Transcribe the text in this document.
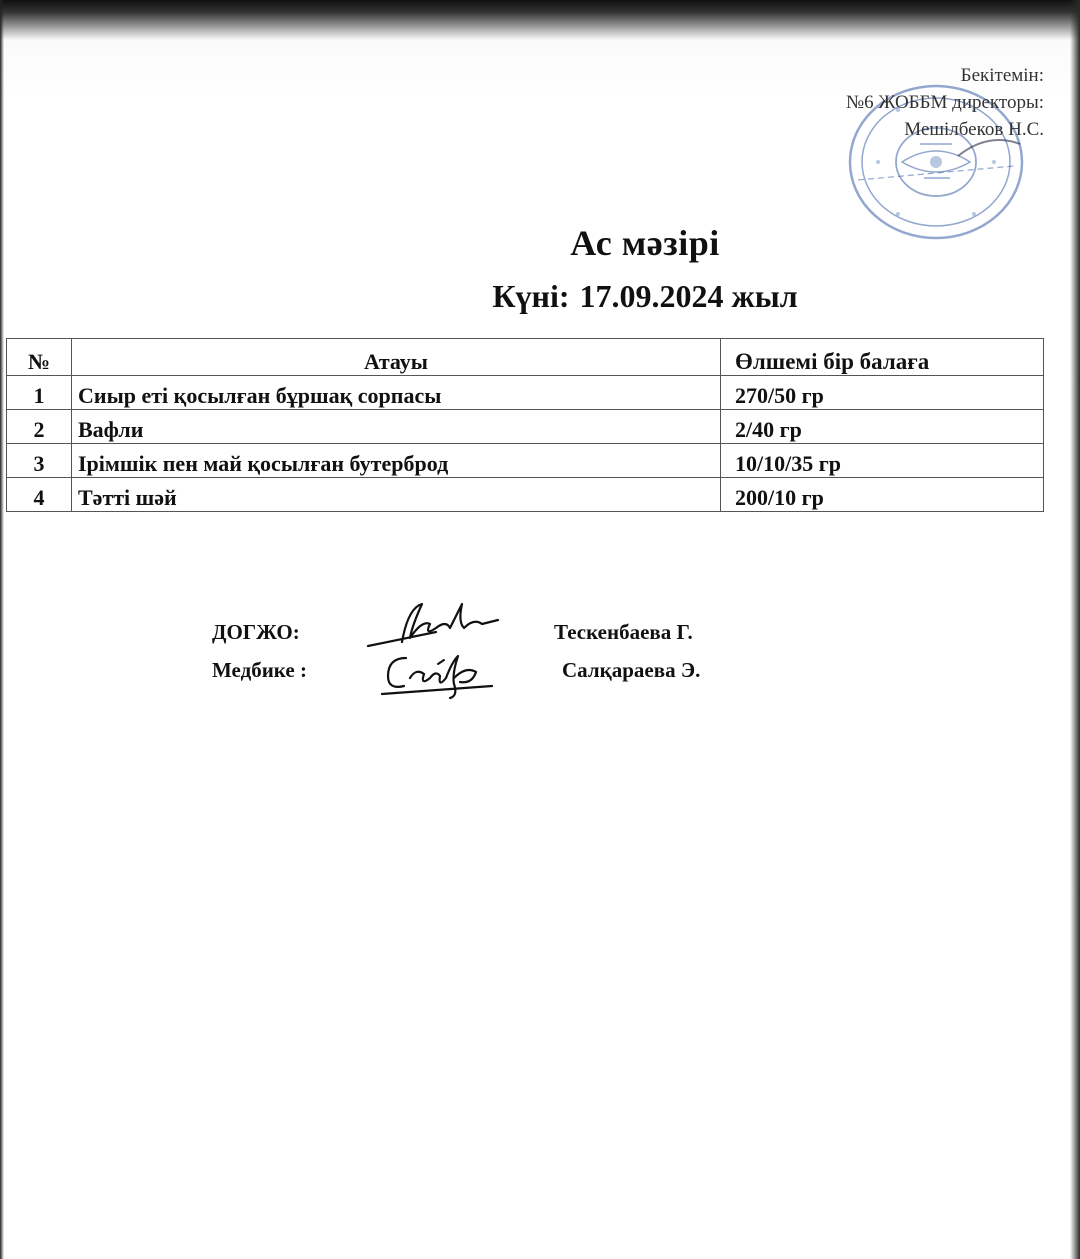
Бекітемін:
№6 ЖОББМ директоры:
Мешілбеков Н.С.
Ас мәзірі
Күні: 17.09.2024 жыл
№	Атауы	Өлшемі бір балаға
1	Сиыр еті қосылған бұршақ сорпасы	270/50 гр
2	Вафли	2/40 гр
3	Ірімшік пен май қосылған бутерброд	10/10/35 гр
4	Тәтті шәй	200/10 гр
ДОГЖО:	Тескенбаева Г.
Медбике :	Салқараева Э.
